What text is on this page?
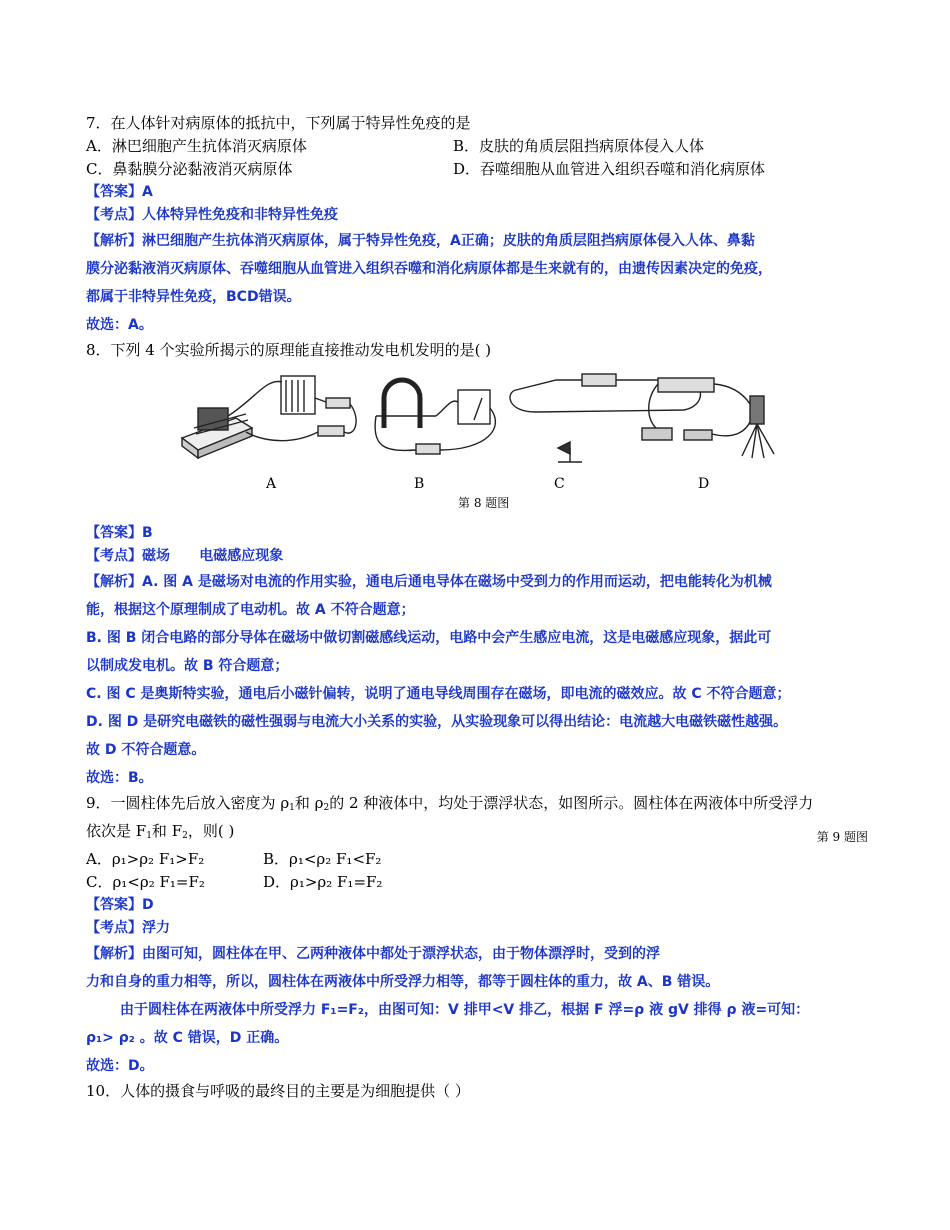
7．在人体针对病原体的抵抗中，下列属于特异性免疫的是
A．淋巴细胞产生抗体消灭病原体	B．皮肤的角质层阻挡病原体侵入人体
C．鼻黏膜分泌黏液消灭病原体	D．吞噬细胞从血管进入组织吞噬和消化病原体
【答案】A
【考点】人体特异性免疫和非特异性免疫
【解析】淋巴细胞产生抗体消灭病原体，属于特异性免疫，A正确；皮肤的角质层阻挡病原体侵入人体、鼻黏
膜分泌黏液消灭病原体、吞噬细胞从血管进入组织吞噬和消化病原体都是生来就有的，由遗传因素决定的免疫，
都属于非特异性免疫，BCD错误。
故选：A。
8．下列 4 个实验所揭示的原理能直接推动发电机发明的是( )
A	B	C	D
第 8 题图
【答案】B
【考点】磁场      电磁感应现象
【解析】A. 图 A 是磁场对电流的作用实验，通电后通电导体在磁场中受到力的作用而运动，把电能转化为机械
能，根据这个原理制成了电动机。故 A 不符合题意；
B. 图 B 闭合电路的部分导体在磁场中做切割磁感线运动，电路中会产生感应电流，这是电磁感应现象，据此可
以制成发电机。故 B 符合题意；
C. 图 C 是奥斯特实验，通电后小磁针偏转，说明了通电导线周围存在磁场，即电流的磁效应。故 C 不符合题意；
D. 图 D 是研究电磁铁的磁性强弱与电流大小关系的实验，从实验现象可以得出结论：电流越大电磁铁磁性越强。
故 D 不符合题意。
故选：B。
9．一圆柱体先后放入密度为 $\rho_1$和 $\rho_2$的 2 种液体中，均处于漂浮状态，如图所示。圆柱体在两液体中所受浮力
依次是 $F_1$和 $F_2$，则( )	第 9 题图
A．ρ₁>ρ₂ F₁>F₂	B．ρ₁<ρ₂ F₁<F₂
C．ρ₁<ρ₂ F₁=F₂	D．ρ₁>ρ₂ F₁=F₂
【答案】D
【考点】浮力
【解析】由图可知，圆柱体在甲、乙两种液体中都处于漂浮状态，由于物体漂浮时，受到的浮
力和自身的重力相等，所以，圆柱体在两液体中所受浮力相等，都等于圆柱体的重力，故 A、B 错误。
由于圆柱体在两液体中所受浮力 F₁=F₂，由图可知：V 排甲<V 排乙，根据 F 浮=ρ 液 gV 排得 ρ 液=可知：
ρ₁> ρ₂ 。故 C 错误，D 正确。
故选：D。
10．人体的摄食与呼吸的最终目的主要是为细胞提供（ ）
